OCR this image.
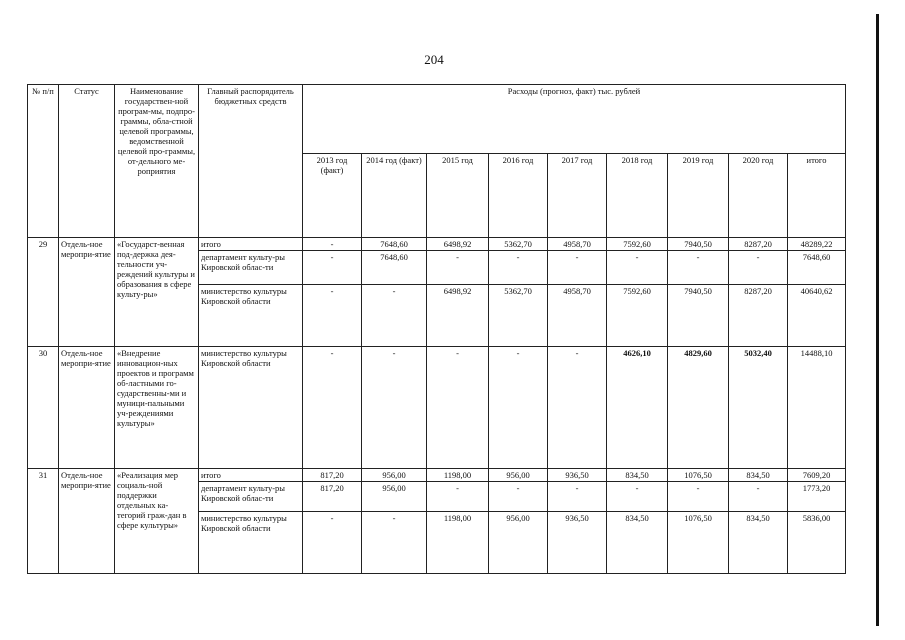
204
№ п/п	Статус	Наименование государствен-ной програм-мы, подпро-граммы, обла-стной целевой программы, ведомственной целевой про-граммы, от-дельного ме-роприятия	Главный распорядитель бюджетных средств	Расходы (прогноз, факт) тыс. рублей								
				2013 год (факт)	2014 год (факт)	2015 год	2016 год	2017 год	2018 год	2019 год	2020 год	итого
29	Отдель-ное меропри-ятие	«Государст-венная под-держка дея-тельности уч-реждений культуры и образования в сфере культу-ры»	итого	-	7648,60	6498,92	5362,70	4958,70	7592,60	7940,50	8287,20	48289,22
			департамент культу-ры Кировской облас-ти	-	7648,60	-	-	-	-	-	-	7648,60
			министерство культуры Кировской области	-	-	6498,92	5362,70	4958,70	7592,60	7940,50	8287,20	40640,62
30	Отдель-ное меропри-ятие	«Внедрение инновацион-ных проектов и программ об-ластными го-сударственны-ми и муници-пальными уч-реждениями культуры»	министерство культуры Кировской области	-	-	-	-	-	4626,10	4829,60	5032,40	14488,10
31	Отдель-ное меропри-ятие	«Реализация мер социаль-ной поддержки отдельных ка-тегорий граж-дан в сфере культуры»	итого	817,20	956,00	1198,00	956,00	936,50	834,50	1076,50	834,50	7609,20
			департамент культу-ры Кировской облас-ти	817,20	956,00	-	-	-	-	-	-	1773,20
			министерство культуры Кировской области	-	-	1198,00	956,00	936,50	834,50	1076,50	834,50	5836,00
